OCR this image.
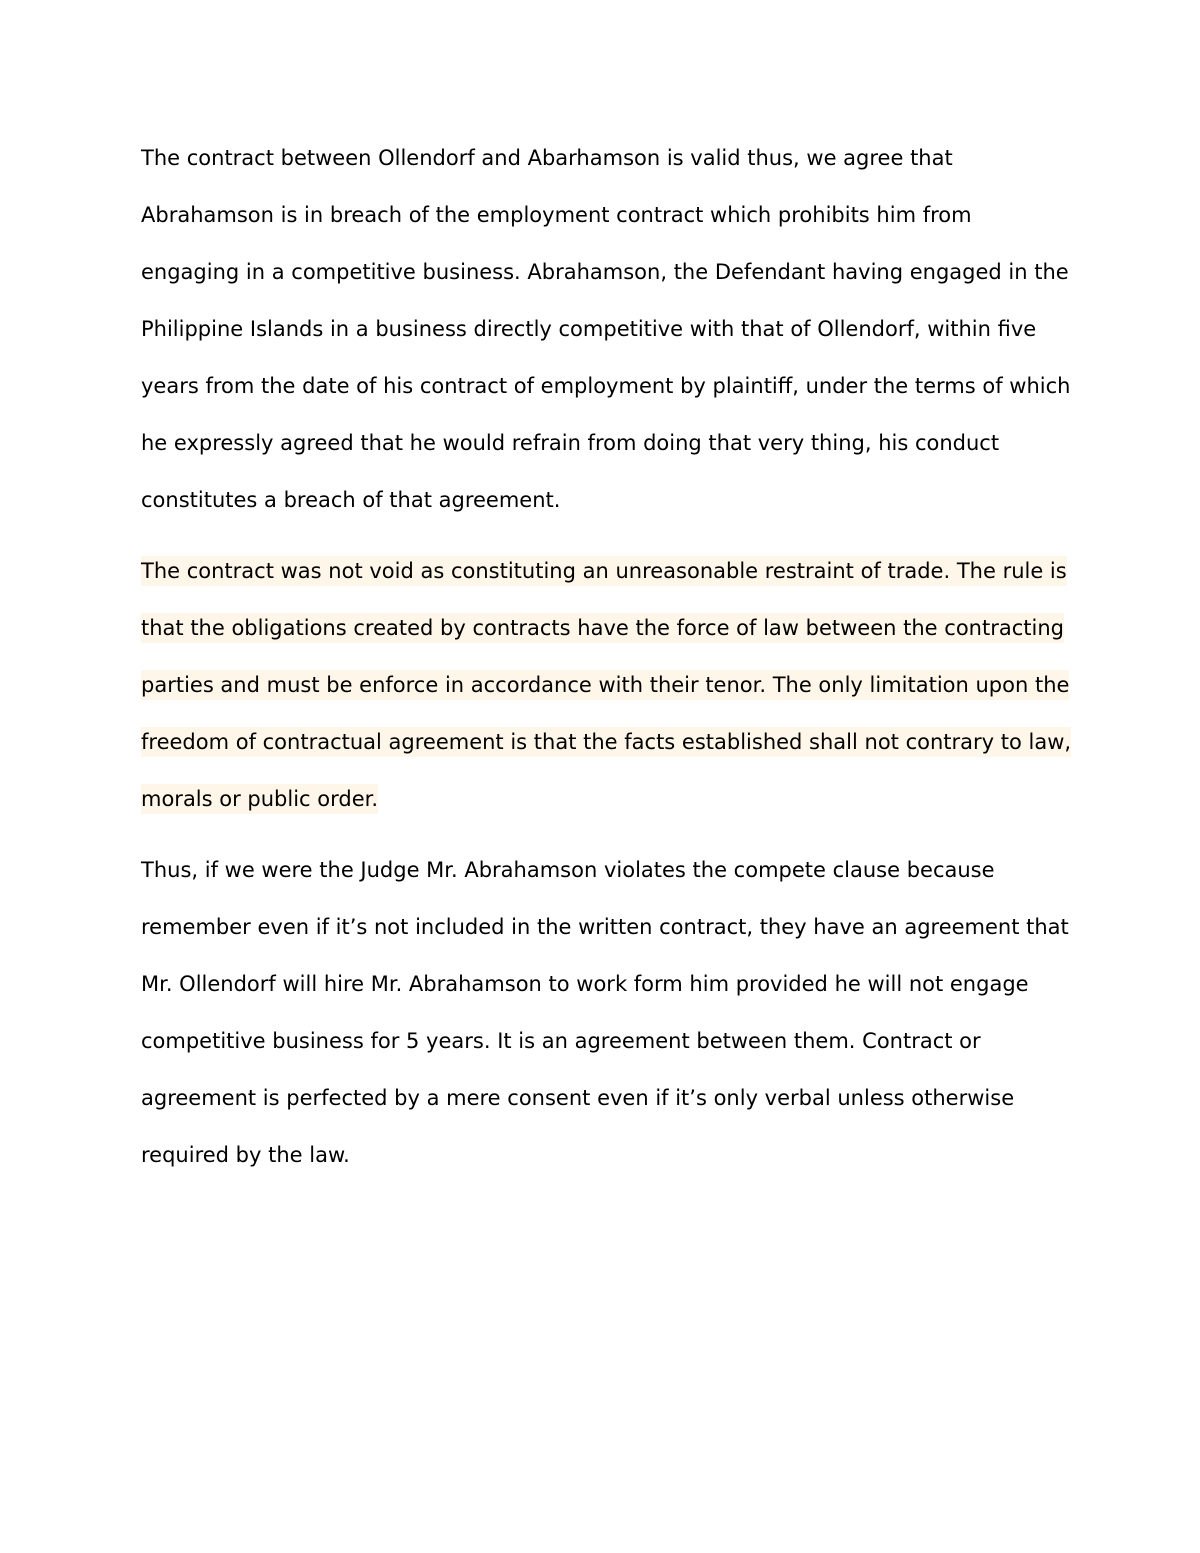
The contract between Ollendorf and Abarhamson is valid thus, we agree that
Abrahamson is in breach of the employment contract which prohibits him from
engaging in a competitive business. Abrahamson, the Defendant having engaged in the
Philippine Islands in a business directly competitive with that of Ollendorf, within five
years from the date of his contract of employment by plaintiff, under the terms of which
he expressly agreed that he would refrain from doing that very thing, his conduct
constitutes a breach of that agreement.

The contract was not void as constituting an unreasonable restraint of trade. The rule is
that the obligations created by contracts have the force of law between the contracting
parties and must be enforce in accordance with their tenor. The only limitation upon the
freedom of contractual agreement is that the facts established shall not contrary to law,
morals or public order.

Thus, if we were the Judge Mr. Abrahamson violates the compete clause because
remember even if it’s not included in the written contract, they have an agreement that
Mr. Ollendorf will hire Mr. Abrahamson to work form him provided he will not engage
competitive business for 5 years. It is an agreement between them. Contract or
agreement is perfected by a mere consent even if it’s only verbal unless otherwise
required by the law.
